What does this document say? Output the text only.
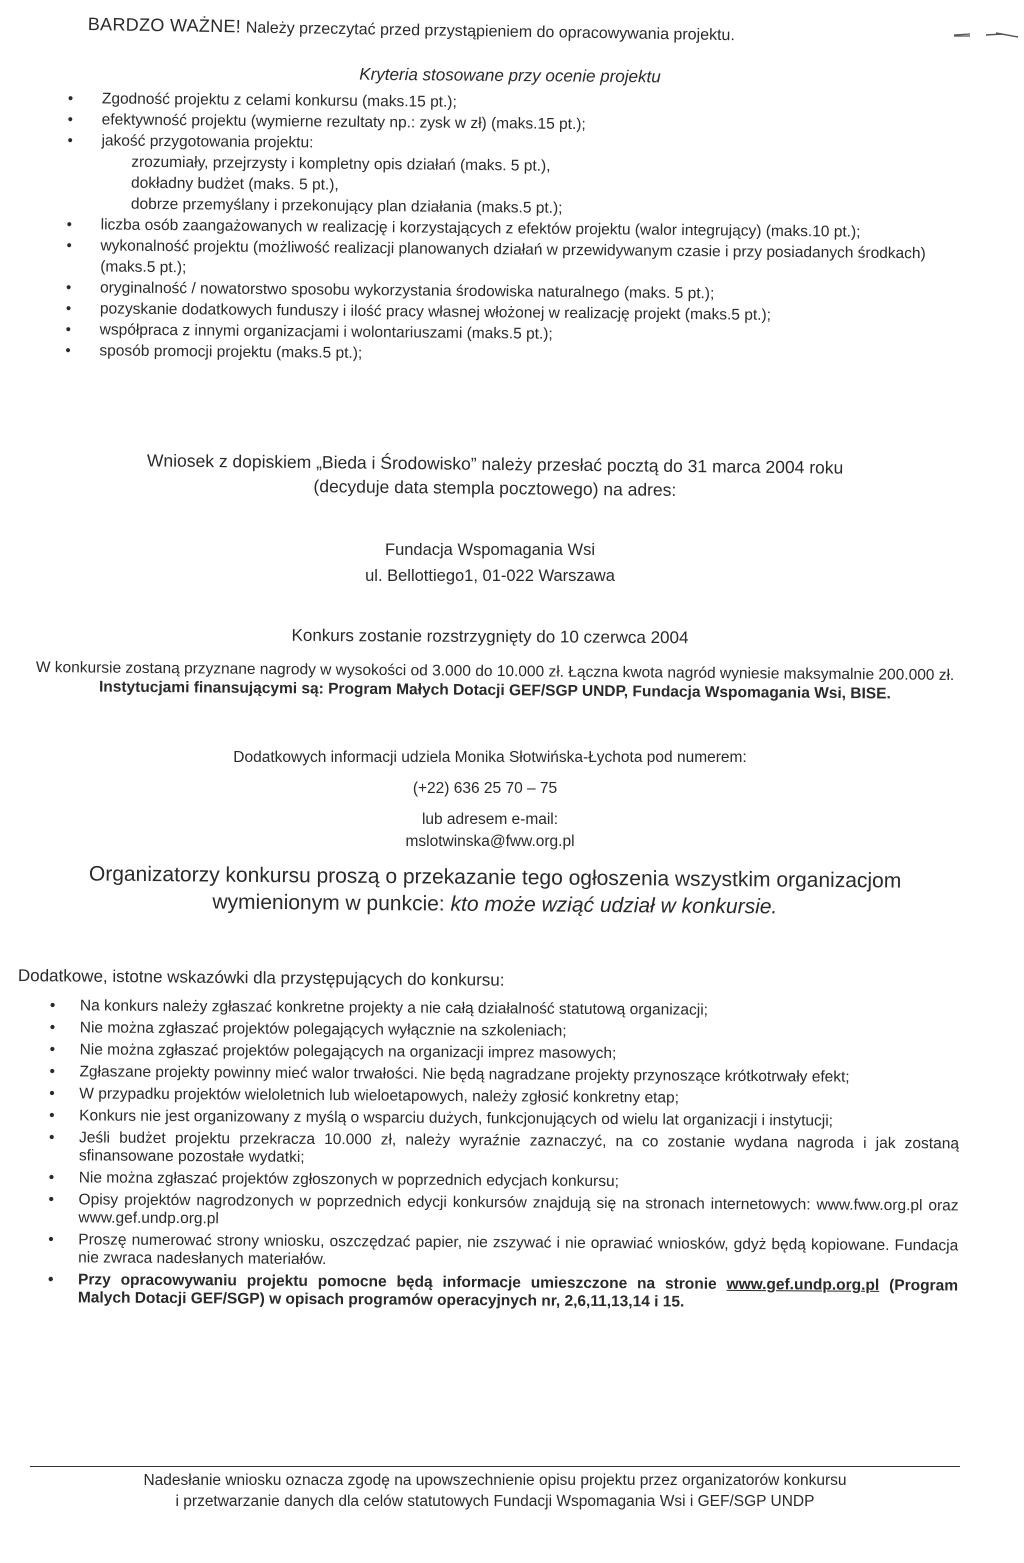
BARDZO WAŻNE! Należy przeczytać przed przystąpieniem do opracowywania projektu.
Kryteria stosowane przy ocenie projektu
• Zgodność projektu z celami konkursu (maks.15 pt.);
• efektywność projektu (wymierne rezultaty np.: zysk w zł) (maks.15 pt.);
• jakość przygotowania projektu:
zrozumiały, przejrzysty i kompletny opis działań (maks. 5 pt.),
dokładny budżet (maks. 5 pt.),
dobrze przemyślany i przekonujący plan działania (maks.5 pt.);
• liczba osób zaangażowanych w realizację i korzystających z efektów projektu (walor integrujący) (maks.10 pt.);
• wykonalność projektu (możliwość realizacji planowanych działań w przewidywanym czasie i przy posiadanych środkach) (maks.5 pt.);
• oryginalność / nowatorstwo sposobu wykorzystania środowiska naturalnego (maks. 5 pt.);
• pozyskanie dodatkowych funduszy i ilość pracy własnej włożonej w realizację projekt (maks.5 pt.);
• współpraca z innymi organizacjami i wolontariuszami (maks.5 pt.);
• sposób promocji projektu (maks.5 pt.);
Wniosek z dopiskiem „Bieda i Środowisko” należy przesłać pocztą do 31 marca 2004 roku
(decyduje data stempla pocztowego) na adres:
Fundacja Wspomagania Wsi
ul. Bellottiego1, 01-022 Warszawa
Konkurs zostanie rozstrzygnięty do 10 czerwca 2004
W konkursie zostaną przyznane nagrody w wysokości od 3.000 do 10.000 zł. Łączna kwota nagród wyniesie maksymalnie 200.000 zł. Instytucjami finansującymi są: Program Małych Dotacji GEF/SGP UNDP, Fundacja Wspomagania Wsi, BISE.
Dodatkowych informacji udziela Monika Słotwińska-Łychota pod numerem:
(+22) 636 25 70 – 75
lub adresem e-mail:
mslotwinska@fww.org.pl
Organizatorzy konkursu proszą o przekazanie tego ogłoszenia wszystkim organizacjom wymienionym w punkcie: kto może wziąć udział w konkursie.
Dodatkowe, istotne wskazówki dla przystępujących do konkursu:
• Na konkurs należy zgłaszać konkretne projekty a nie całą działalność statutową organizacji;
• Nie można zgłaszać projektów polegających wyłącznie na szkoleniach;
• Nie można zgłaszać projektów polegających na organizacji imprez masowych;
• Zgłaszane projekty powinny mieć walor trwałości. Nie będą nagradzane projekty przynoszące krótkotrwały efekt;
• W przypadku projektów wieloletnich lub wieloetapowych, należy zgłosić konkretny etap;
• Konkurs nie jest organizowany z myślą o wsparciu dużych, funkcjonujących od wielu lat organizacji i instytucji;
• Jeśli budżet projektu przekracza 10.000 zł, należy wyraźnie zaznaczyć, na co zostanie wydana nagroda i jak zostaną sfinansowane pozostałe wydatki;
• Nie można zgłaszać projektów zgłoszonych w poprzednich edycjach konkursu;
• Opisy projektów nagrodzonych w poprzednich edycji konkursów znajdują się na stronach internetowych: www.fww.org.pl oraz www.gef.undp.org.pl
• Proszę numerować strony wniosku, oszczędzać papier, nie zszywać i nie oprawiać wniosków, gdyż będą kopiowane. Fundacja nie zwraca nadesłanych materiałów.
• Przy opracowywaniu projektu pomocne będą informacje umieszczone na stronie www.gef.undp.org.pl (Program Malych Dotacji GEF/SGP) w opisach programów operacyjnych nr, 2,6,11,13,14 i 15.
Nadesłanie wniosku oznacza zgodę na upowszechnienie opisu projektu przez organizatorów konkursu
i przetwarzanie danych dla celów statutowych Fundacji Wspomagania Wsi i GEF/SGP UNDP
